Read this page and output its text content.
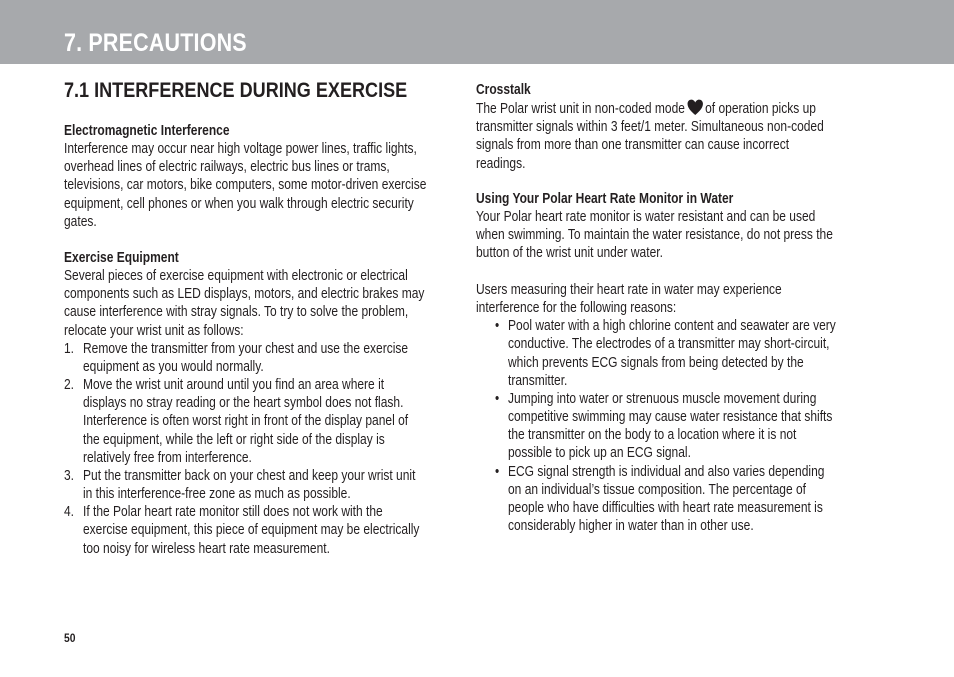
7. PRECAUTIONS
7.1 INTERFERENCE DURING EXERCISE
Electromagnetic Interference
Interference may occur near high voltage power lines, traffic lights,
overhead lines of electric railways, electric bus lines or trams,
televisions, car motors, bike computers, some motor-driven exercise
equipment, cell phones or when you walk through electric security
gates.
Exercise Equipment
Several pieces of exercise equipment with electronic or electrical
components such as LED displays, motors, and electric brakes may
cause interference with stray signals. To try to solve the problem,
relocate your wrist unit as follows:
1. Remove the transmitter from your chest and use the exercise
equipment as you would normally.
2. Move the wrist unit around until you find an area where it
displays no stray reading or the heart symbol does not flash.
Interference is often worst right in front of the display panel of
the equipment, while the left or right side of the display is
relatively free from interference.
3. Put the transmitter back on your chest and keep your wrist unit
in this interference-free zone as much as possible.
4. If the Polar heart rate monitor still does not work with the
exercise equipment, this piece of equipment may be electrically
too noisy for wireless heart rate measurement.
Crosstalk
The Polar wrist unit in non-coded mode of operation picks up
transmitter signals within 3 feet/1 meter. Simultaneous non-coded
signals from more than one transmitter can cause incorrect
readings.
Using Your Polar Heart Rate Monitor in Water
Your Polar heart rate monitor is water resistant and can be used
when swimming. To maintain the water resistance, do not press the
button of the wrist unit under water.
Users measuring their heart rate in water may experience
interference for the following reasons:
• Pool water with a high chlorine content and seawater are very
conductive. The electrodes of a transmitter may short-circuit,
which prevents ECG signals from being detected by the
transmitter.
• Jumping into water or strenuous muscle movement during
competitive swimming may cause water resistance that shifts
the transmitter on the body to a location where it is not
possible to pick up an ECG signal.
• ECG signal strength is individual and also varies depending
on an individual’s tissue composition. The percentage of
people who have difficulties with heart rate measurement is
considerably higher in water than in other use.
50
